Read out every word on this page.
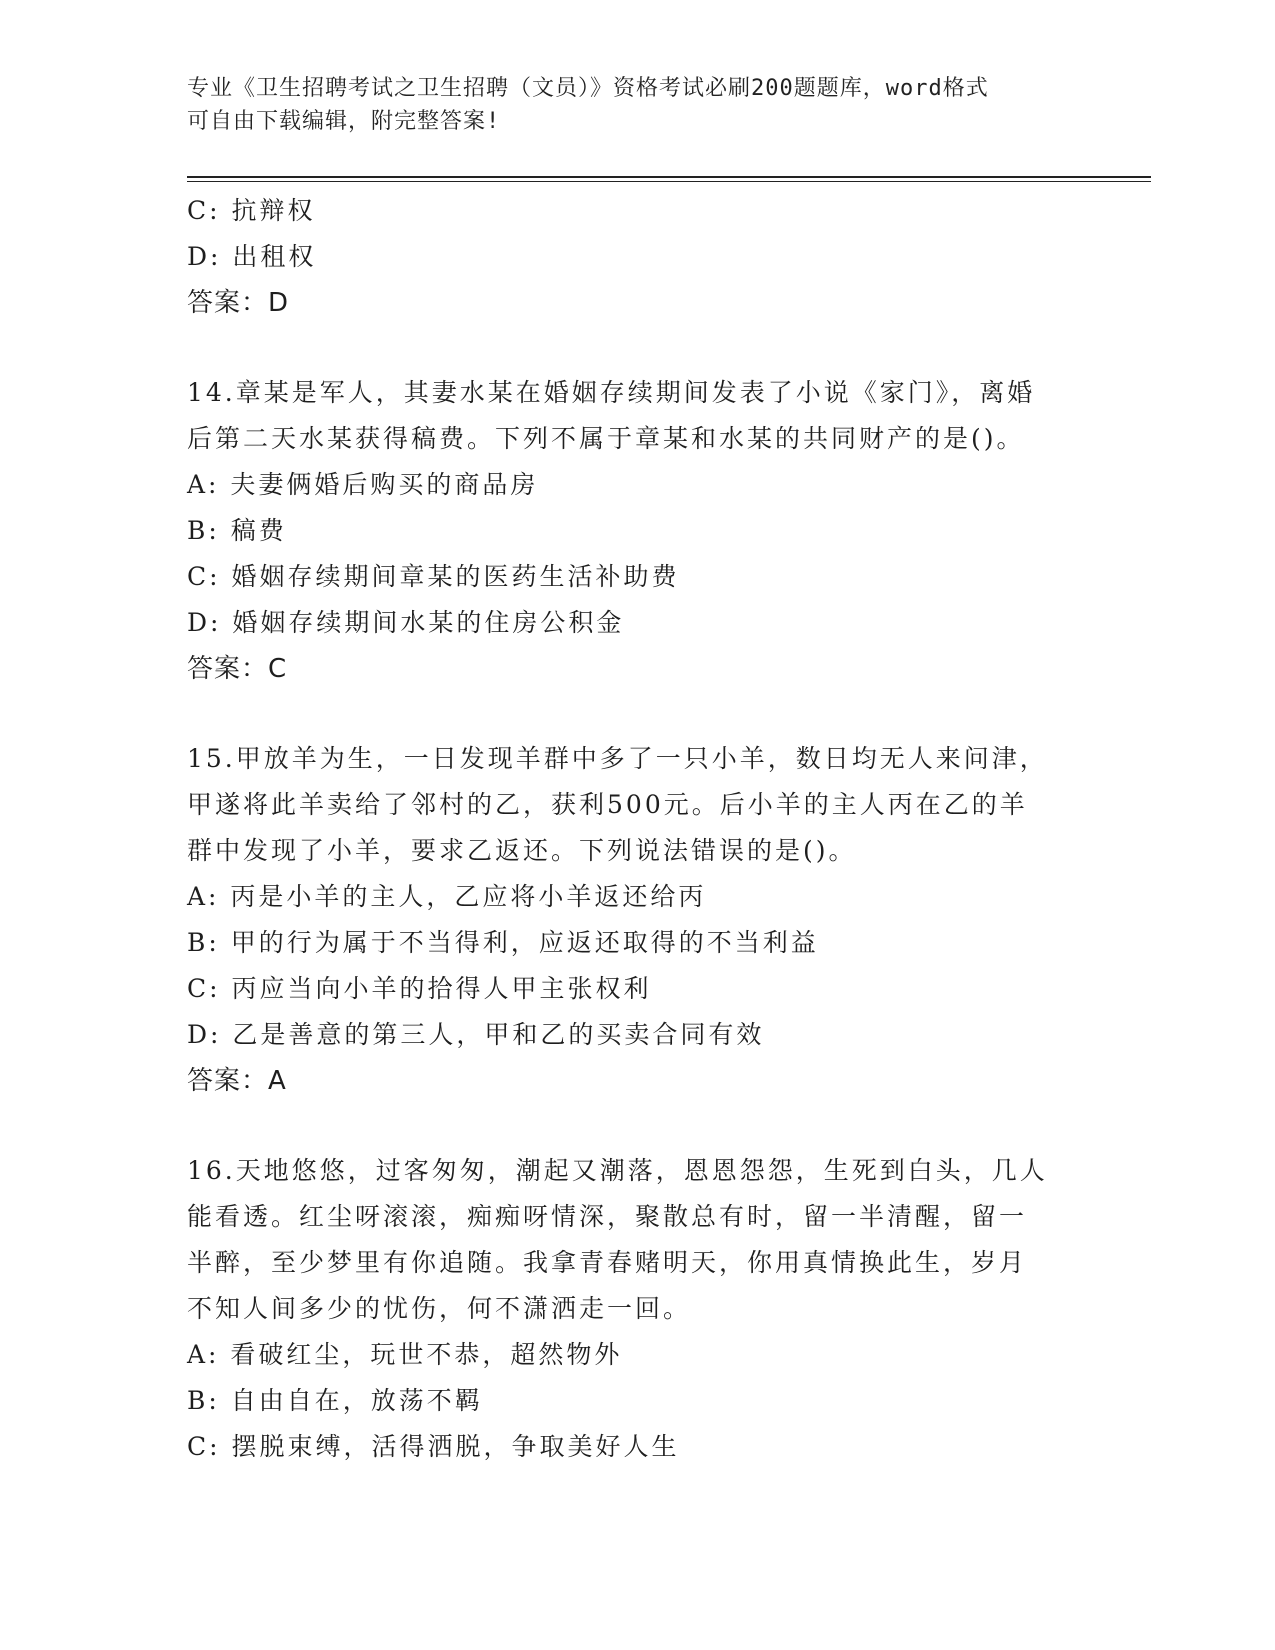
专业《卫生招聘考试之卫生招聘（文员）》资格考试必刷200题题库，word格式
可自由下载编辑，附完整答案!
C: 抗辩权
D: 出租权
答案：D
14.章某是军人，其妻水某在婚姻存续期间发表了小说《家门》，离婚
后第二天水某获得稿费。下列不属于章某和水某的共同财产的是()。
A: 夫妻俩婚后购买的商品房
B: 稿费
C: 婚姻存续期间章某的医药生活补助费
D: 婚姻存续期间水某的住房公积金
答案：C
15.甲放羊为生，一日发现羊群中多了一只小羊，数日均无人来问津，
甲遂将此羊卖给了邻村的乙，获利500元。后小羊的主人丙在乙的羊
群中发现了小羊，要求乙返还。下列说法错误的是()。
A: 丙是小羊的主人，乙应将小羊返还给丙
B: 甲的行为属于不当得利，应返还取得的不当利益
C: 丙应当向小羊的拾得人甲主张权利
D: 乙是善意的第三人，甲和乙的买卖合同有效
答案：A
16.天地悠悠，过客匆匆，潮起又潮落，恩恩怨怨，生死到白头，几人
能看透。红尘呀滚滚，痴痴呀情深，聚散总有时，留一半清醒，留一
半醉，至少梦里有你追随。我拿青春赌明天，你用真情换此生，岁月
不知人间多少的忧伤，何不潇洒走一回。
A: 看破红尘，玩世不恭，超然物外
B: 自由自在，放荡不羁
C: 摆脱束缚，活得洒脱，争取美好人生
